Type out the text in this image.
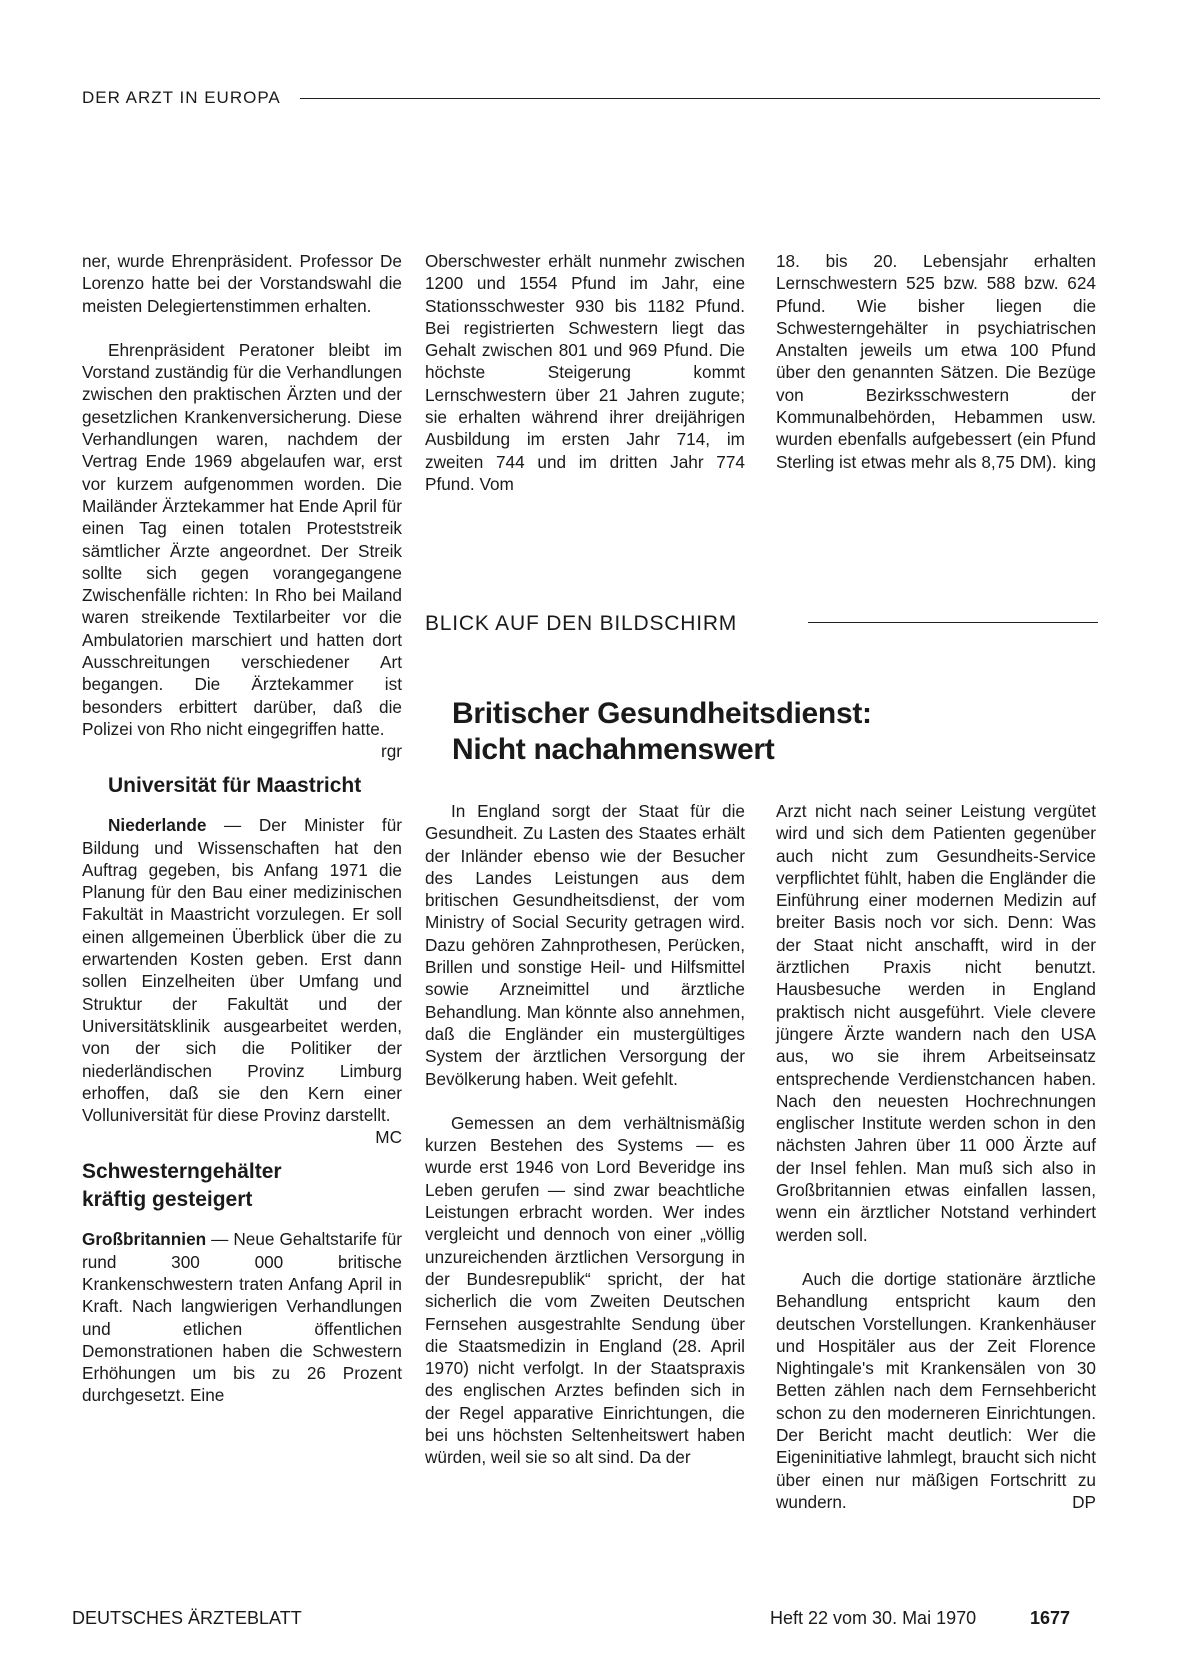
DER ARZT IN EUROPA

ner, wurde Ehrenpräsident. Professor De Lorenzo hatte bei der Vorstandswahl die meisten Delegiertenstimmen erhalten.

Ehrenpräsident Peratoner bleibt im Vorstand zuständig für die Verhandlungen zwischen den praktischen Ärzten und der gesetzlichen Krankenversicherung. Diese Verhandlungen waren, nachdem der Vertrag Ende 1969 abgelaufen war, erst vor kurzem aufgenommen worden. Die Mailänder Ärztekammer hat Ende April für einen Tag einen totalen Proteststreik sämtlicher Ärzte angeordnet. Der Streik sollte sich gegen vorangegangene Zwischenfälle richten: In Rho bei Mailand waren streikende Textilarbeiter vor die Ambulatorien marschiert und hatten dort Ausschreitungen verschiedener Art begangen. Die Ärztekammer ist besonders erbittert darüber, daß die Polizei von Rho nicht eingegriffen hatte.
rgr

Universität für Maastricht

Niederlande — Der Minister für Bildung und Wissenschaften hat den Auftrag gegeben, bis Anfang 1971 die Planung für den Bau einer medizinischen Fakultät in Maastricht vorzulegen. Er soll einen allgemeinen Überblick über die zu erwartenden Kosten geben. Erst dann sollen Einzelheiten über Umfang und Struktur der Fakultät und der Universitätsklinik ausgearbeitet werden, von der sich die Politiker der niederländischen Provinz Limburg erhoffen, daß sie den Kern einer Volluniversität für diese Provinz darstellt.
MC

Schwesterngehälter
kräftig gesteigert

Großbritannien — Neue Gehaltstarife für rund 300 000 britische Krankenschwestern traten Anfang April in Kraft. Nach langwierigen Verhandlungen und etlichen öffentlichen Demonstrationen haben die Schwestern Erhöhungen um bis zu 26 Prozent durchgesetzt. Eine

Oberschwester erhält nunmehr zwischen 1200 und 1554 Pfund im Jahr, eine Stationsschwester 930 bis 1182 Pfund. Bei registrierten Schwestern liegt das Gehalt zwischen 801 und 969 Pfund. Die höchste Steigerung kommt Lernschwestern über 21 Jahren zugute; sie erhalten während ihrer dreijährigen Ausbildung im ersten Jahr 714, im zweiten 744 und im dritten Jahr 774 Pfund. Vom

18. bis 20. Lebensjahr erhalten Lernschwestern 525 bzw. 588 bzw. 624 Pfund. Wie bisher liegen die Schwesterngehälter in psychiatrischen Anstalten jeweils um etwa 100 Pfund über den genannten Sätzen. Die Bezüge von Bezirksschwestern der Kommunalbehörden, Hebammen usw. wurden ebenfalls aufgebessert (ein Pfund Sterling ist etwas mehr als 8,75 DM). king

BLICK AUF DEN BILDSCHIRM
Britischer Gesundheitsdienst:
Nicht nachahmenswert

In England sorgt der Staat für die Gesundheit. Zu Lasten des Staates erhält der Inländer ebenso wie der Besucher des Landes Leistungen aus dem britischen Gesundheitsdienst, der vom Ministry of Social Security getragen wird. Dazu gehören Zahnprothesen, Perücken, Brillen und sonstige Heil- und Hilfsmittel sowie Arzneimittel und ärztliche Behandlung. Man könnte also annehmen, daß die Engländer ein mustergültiges System der ärztlichen Versorgung der Bevölkerung haben. Weit gefehlt.

Gemessen an dem verhältnismäßig kurzen Bestehen des Systems — es wurde erst 1946 von Lord Beveridge ins Leben gerufen — sind zwar beachtliche Leistungen erbracht worden. Wer indes vergleicht und dennoch von einer „völlig unzureichenden ärztlichen Versorgung in der Bundesrepublik“ spricht, der hat sicherlich die vom Zweiten Deutschen Fernsehen ausgestrahlte Sendung über die Staatsmedizin in England (28. April 1970) nicht verfolgt. In der Staatspraxis des englischen Arztes befinden sich in der Regel apparative Einrichtungen, die bei uns höchsten Seltenheitswert haben würden, weil sie so alt sind. Da der

Arzt nicht nach seiner Leistung vergütet wird und sich dem Patienten gegenüber auch nicht zum Gesundheits-Service verpflichtet fühlt, haben die Engländer die Einführung einer modernen Medizin auf breiter Basis noch vor sich. Denn: Was der Staat nicht anschafft, wird in der ärztlichen Praxis nicht benutzt. Hausbesuche werden in England praktisch nicht ausgeführt. Viele clevere jüngere Ärzte wandern nach den USA aus, wo sie ihrem Arbeitseinsatz entsprechende Verdienstchancen haben. Nach den neuesten Hochrechnungen englischer Institute werden schon in den nächsten Jahren über 11 000 Ärzte auf der Insel fehlen. Man muß sich also in Großbritannien etwas einfallen lassen, wenn ein ärztlicher Notstand verhindert werden soll.

Auch die dortige stationäre ärztliche Behandlung entspricht kaum den deutschen Vorstellungen. Krankenhäuser und Hospitäler aus der Zeit Florence Nightingale's mit Krankensälen von 30 Betten zählen nach dem Fernsehbericht schon zu den moderneren Einrichtungen. Der Bericht macht deutlich: Wer die Eigeninitiative lahmlegt, braucht sich nicht über einen nur mäßigen Fortschritt zu wundern.	DP

DEUTSCHES ÄRZTEBLATT	Heft 22 vom 30. Mai 1970	1677
